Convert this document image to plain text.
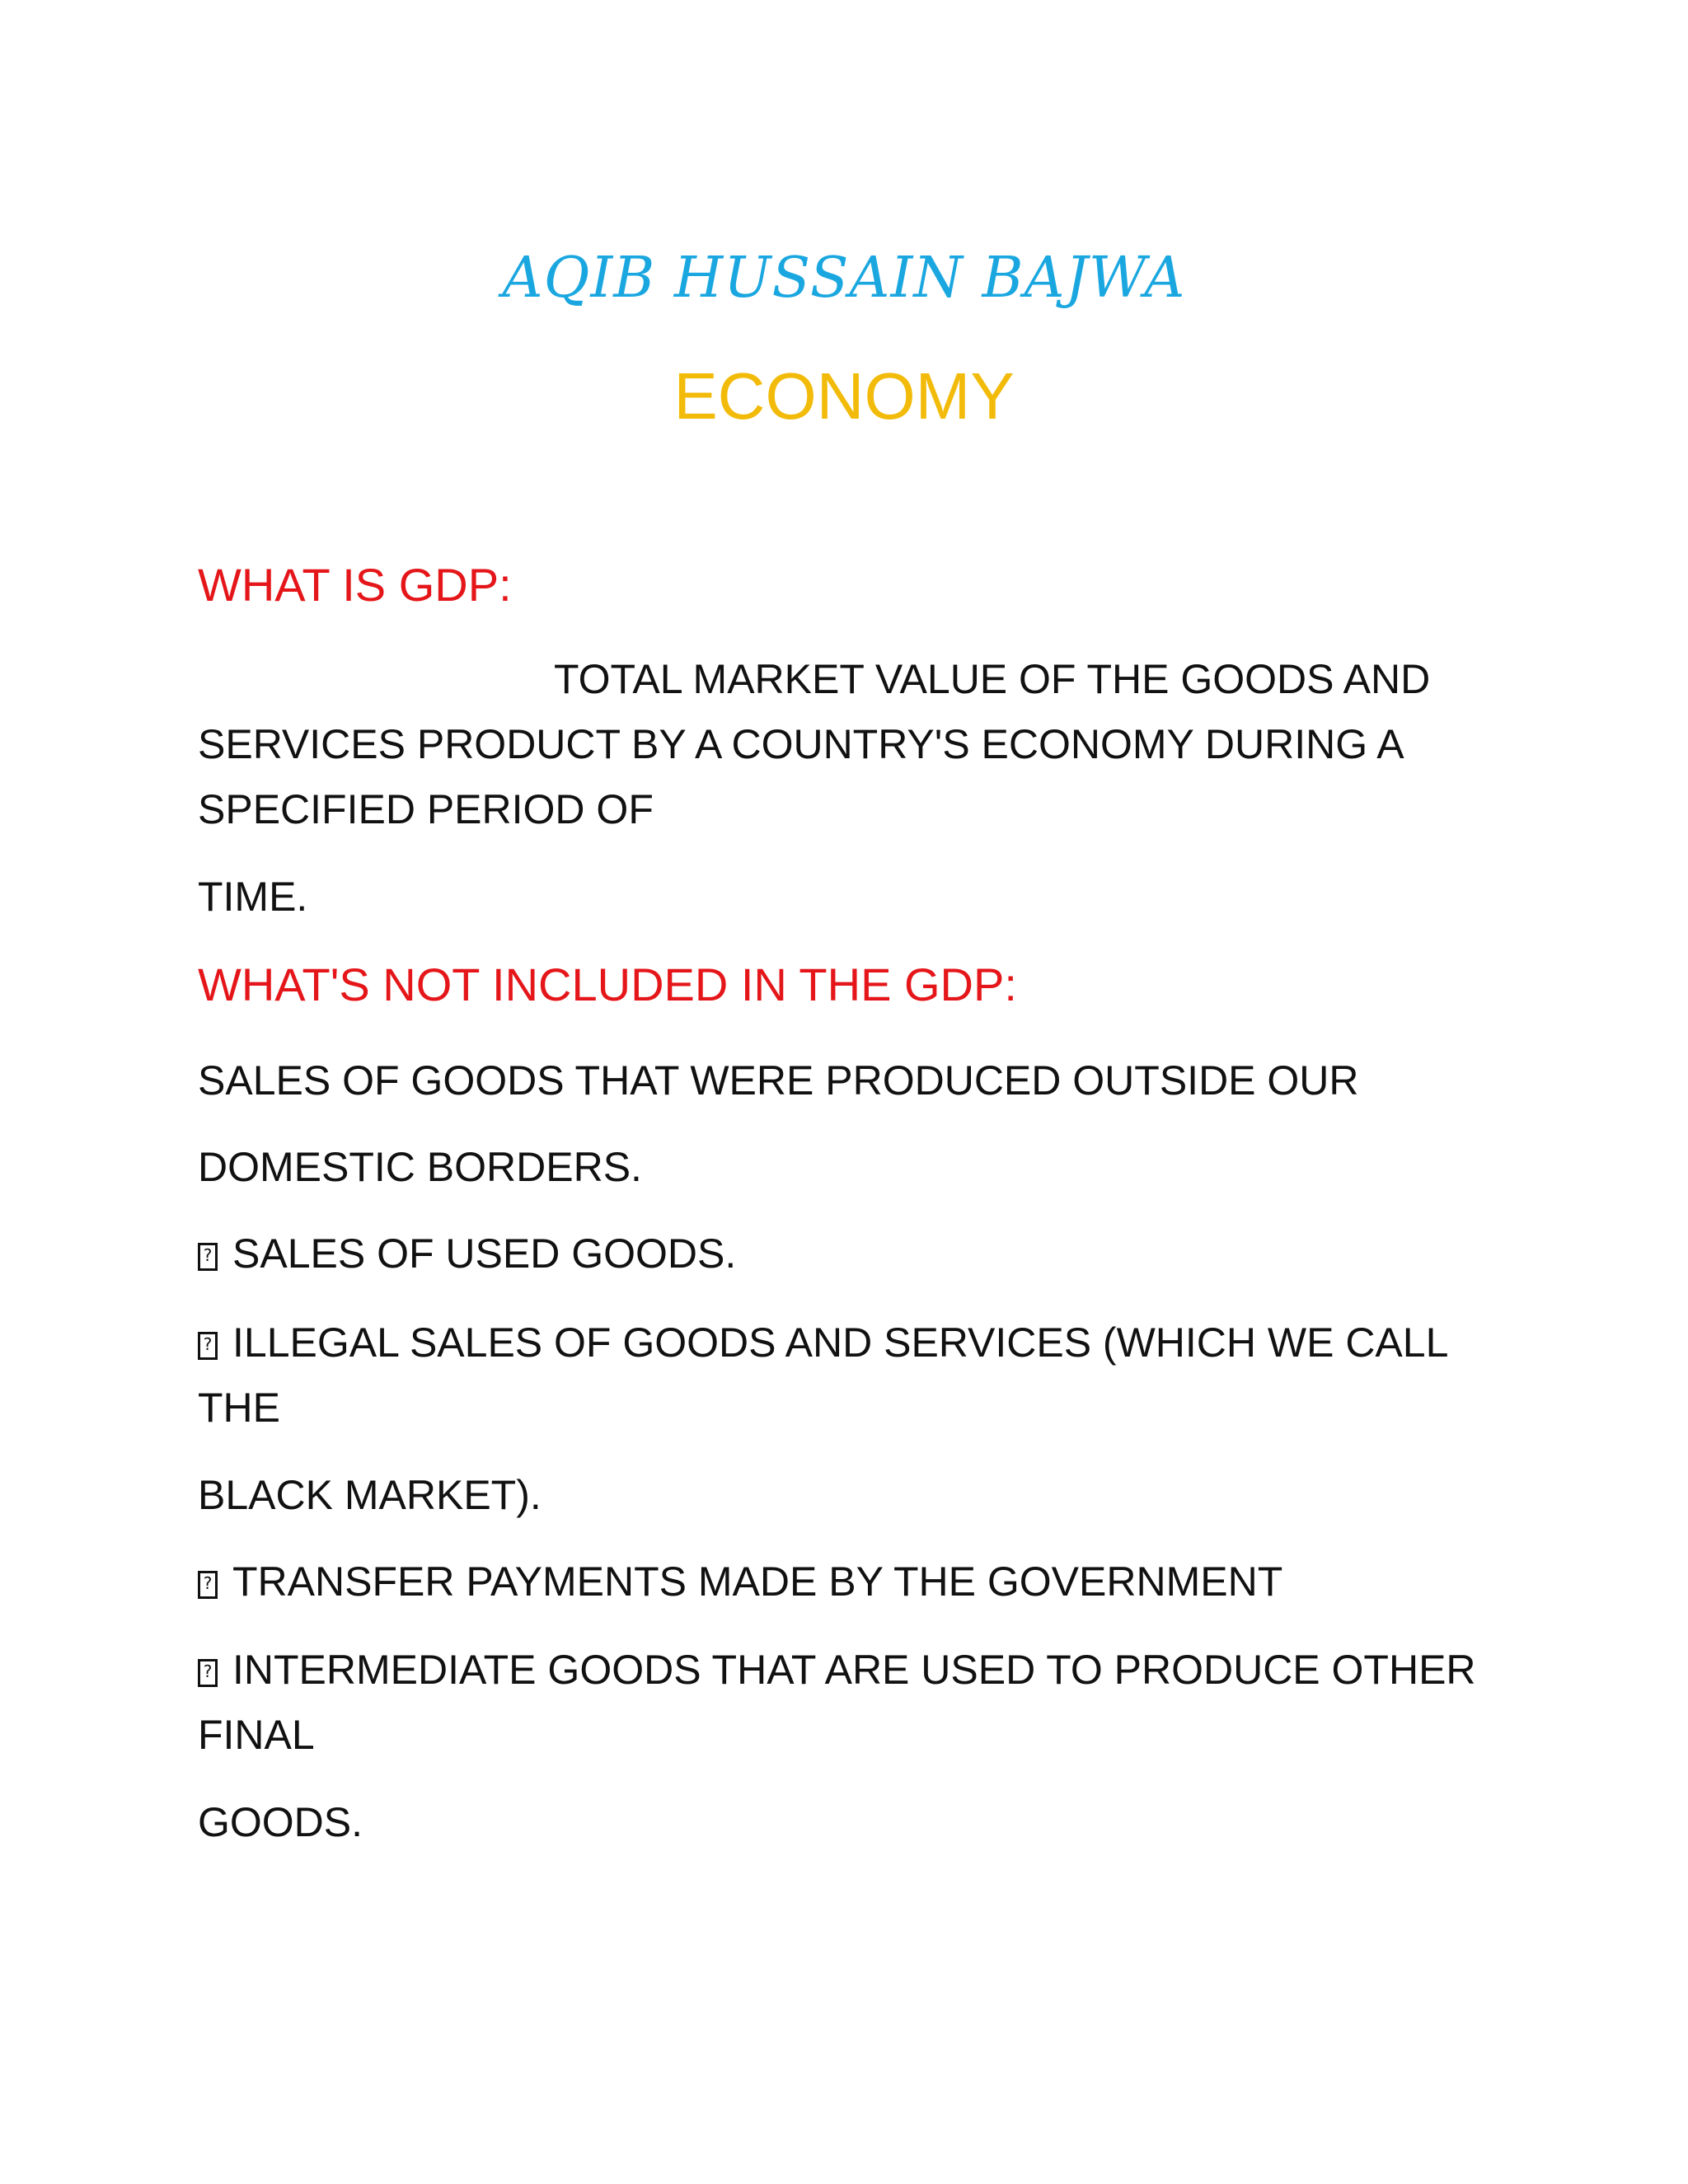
AQIB HUSSAIN BAJWA
ECONOMY
WHAT IS GDP:
TOTAL MARKET VALUE OF THE GOODS AND
SERVICES PRODUCT BY A COUNTRY'S ECONOMY DURING A
SPECIFIED PERIOD OF
TIME.
WHAT'S NOT INCLUDED IN THE GDP:
SALES OF GOODS THAT WERE PRODUCED OUTSIDE OUR
DOMESTIC BORDERS.
?SALES OF USED GOODS.
?ILLEGAL SALES OF GOODS AND SERVICES (WHICH WE CALL
THE
BLACK MARKET).
?TRANSFER PAYMENTS MADE BY THE GOVERNMENT
?INTERMEDIATE GOODS THAT ARE USED TO PRODUCE OTHER
FINAL
GOODS.
